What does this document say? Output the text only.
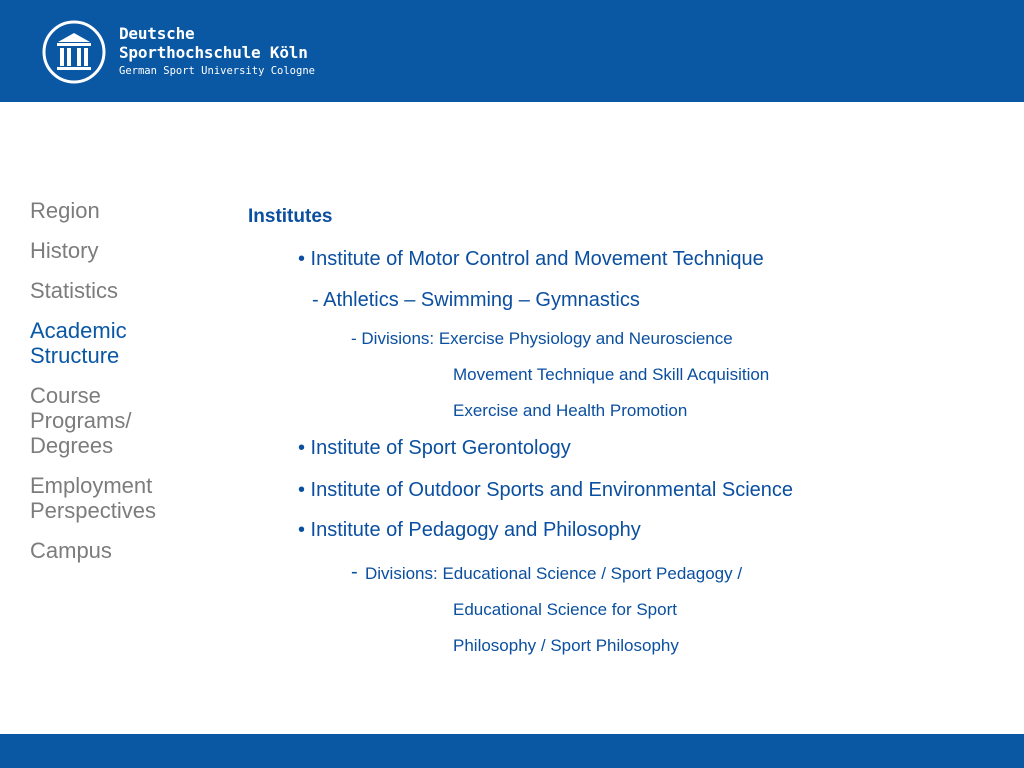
Deutsche
Sporthochschule Köln
German Sport University Cologne
Region
History
Statistics
Academic Structure
Course Programs/ Degrees
Employment Perspectives
Campus
Institutes
• Institute of Motor Control and Movement Technique
- Athletics – Swimming – Gymnastics
- Divisions: Exercise Physiology and Neuroscience
Movement Technique and Skill Acquisition
Exercise and Health Promotion
• Institute of Sport Gerontology
• Institute of Outdoor Sports and Environmental Science
• Institute of Pedagogy and Philosophy
- Divisions: Educational Science / Sport Pedagogy /
Educational Science for Sport
Philosophy / Sport Philosophy
